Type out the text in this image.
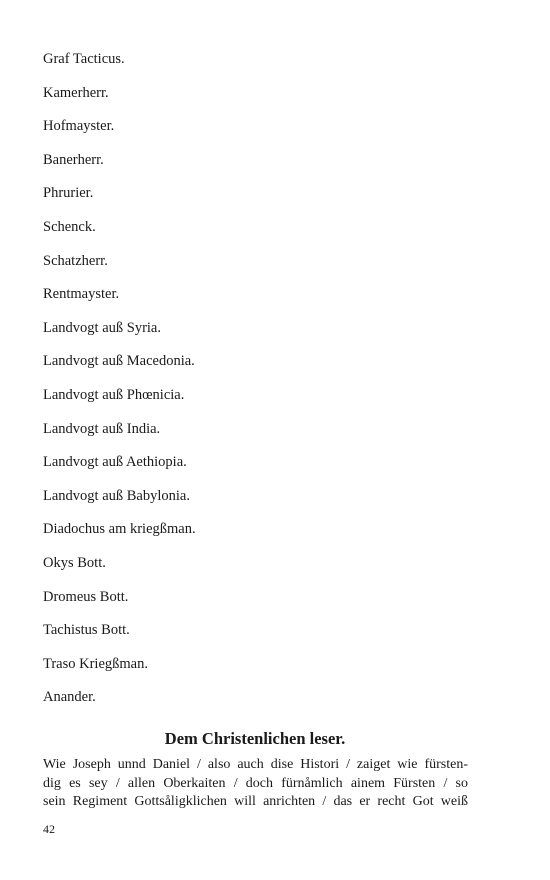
Graf Tacticus.
Kamerherr.
Hofmayster.
Banerherr.
Phrurier.
Schenck.
Schatzherr.
Rentmayster.
Landvogt auß Syria.
Landvogt auß Macedonia.
Landvogt auß Phœnicia.
Landvogt auß India.
Landvogt auß Aethiopia.
Landvogt auß Babylonia.
Diadochus am kriegßman.
Okys Bott.
Dromeus Bott.
Tachistus Bott.
Traso Kriegßman.
Anander.
Dem Christenlichen leser.
Wie Joseph unnd Daniel / also auch dise Histori / zaiget wie fürsten-
dig es sey / allen Oberkaiten / doch fürnåmlich ainem Fürsten / so
sein Regiment Gottsåligklichen will anrichten / das er recht Got weiß
42
